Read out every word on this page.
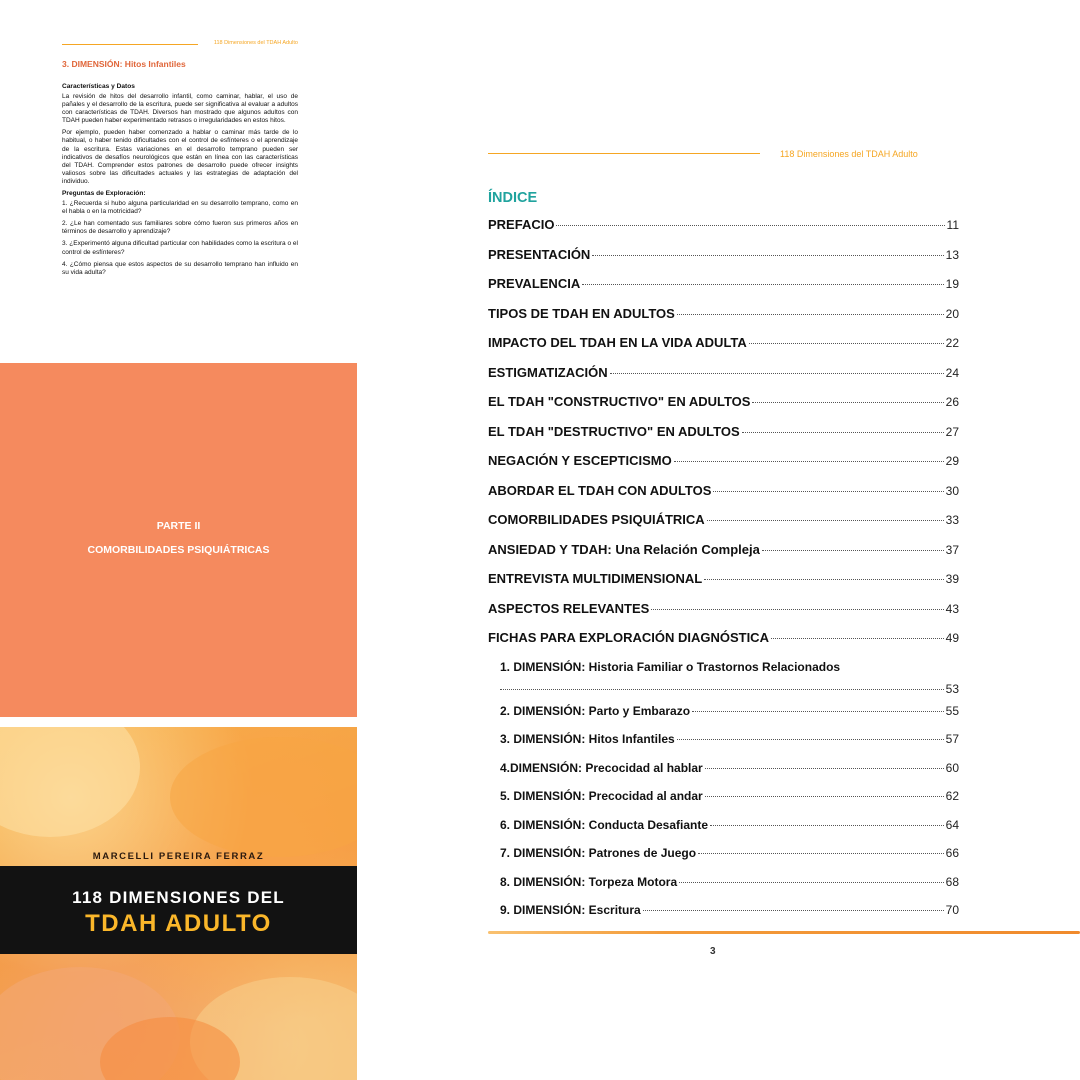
118 Dimensiones del TDAH Adulto
3. DIMENSIÓN: Hitos Infantiles
Características y Datos

La revisión de hitos del desarrollo infantil, como caminar, hablar, el uso de pañales y el desarrollo de la escritura, puede ser significativa al evaluar a adultos con características de TDAH. Diversos han mostrado que algunos adultos con TDAH pueden haber experimentado retrasos o irregularidades en estos hitos.

Por ejemplo, pueden haber comenzado a hablar o caminar más tarde de lo habitual, o haber tenido dificultades con el control de esfínteres o el aprendizaje de la escritura. Estas variaciones en el desarrollo temprano pueden ser indicativos de desafíos neurológicos que están en línea con las características del TDAH. Comprender estos patrones de desarrollo puede ofrecer insights valiosos sobre las dificultades actuales y las estrategias de adaptación del individuo.

Preguntas de Exploración:

1. ¿Recuerda si hubo alguna particularidad en su desarrollo temprano, como en el habla o en la motricidad?

2. ¿Le han comentado sus familiares sobre cómo fueron sus primeros años en términos de desarrollo y aprendizaje?

3. ¿Experimentó alguna dificultad particular con habilidades como la escritura o el control de esfínteres?

4. ¿Cómo piensa que estos aspectos de su desarrollo temprano han influido en su vida adulta?

PARTE II
COMORBILIDADES PSIQUIÁTRICAS
MARCELLI PEREIRA FERRAZ
118 DIMENSIONES DEL
TDAH ADULTO
118 Dimensiones del TDAH Adulto
ÍNDICE
PREFACIO	11
PRESENTACIÓN	13
PREVALENCIA	19
TIPOS DE TDAH EN ADULTOS	20
IMPACTO DEL TDAH EN LA VIDA ADULTA	22
ESTIGMATIZACIÓN	24
EL TDAH "CONSTRUCTIVO" EN ADULTOS	26
EL TDAH "DESTRUCTIVO" EN ADULTOS	27
NEGACIÓN Y ESCEPTICISMO	29
ABORDAR EL TDAH CON ADULTOS	30
COMORBILIDADES PSIQUIÁTRICA	33
ANSIEDAD Y TDAH: Una Relación Compleja	37
ENTREVISTA MULTIDIMENSIONAL	39
ASPECTOS RELEVANTES	43
FICHAS PARA EXPLORACIÓN DIAGNÓSTICA	49
1. DIMENSIÓN: Historia Familiar o Trastornos Relacionados
53
2. DIMENSIÓN: Parto y Embarazo	55
3. DIMENSIÓN: Hitos Infantiles	57
4.DIMENSIÓN: Precocidad al hablar	60
5. DIMENSIÓN: Precocidad al andar	62
6. DIMENSIÓN: Conducta Desafiante	64
7. DIMENSIÓN: Patrones de Juego	66
8. DIMENSIÓN: Torpeza Motora	68
9. DIMENSIÓN: Escritura	70
3
